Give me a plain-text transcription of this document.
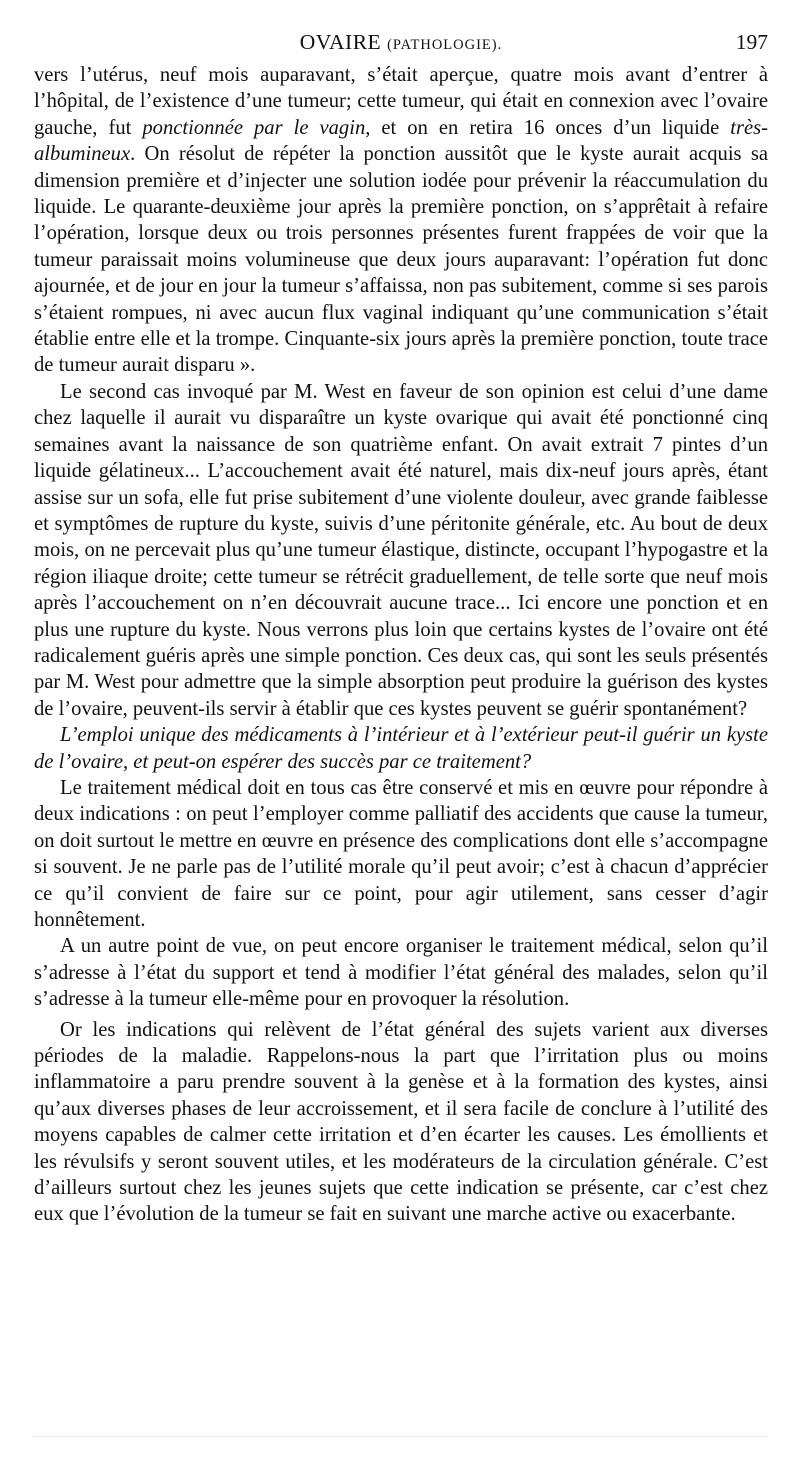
OVAIRE (PATHOLOGIE).	197

vers l’utérus, neuf mois auparavant, s’était aperçue, quatre mois avant d’entrer à l’hôpital, de l’existence d’une tumeur; cette tumeur, qui était en connexion avec l’ovaire gauche, fut ponctionnée par le vagin, et on en retira 16 onces d’un liquide très-albumineux. On résolut de répéter la ponction aussitôt que le kyste aurait acquis sa dimension première et d’injecter une solution iodée pour prévenir la réaccumulation du liquide. Le quarante-deuxième jour après la première ponction, on s’apprêtait à refaire l’opération, lorsque deux ou trois personnes présentes furent frappées de voir que la tumeur paraissait moins volumineuse que deux jours auparavant: l’opération fut donc ajournée, et de jour en jour la tumeur s’affaissa, non pas subitement, comme si ses parois s’étaient rompues, ni avec aucun flux vaginal indiquant qu’une communication s’était établie entre elle et la trompe. Cinquante-six jours après la première ponction, toute trace de tumeur aurait disparu ».

Le second cas invoqué par M. West en faveur de son opinion est celui d’une dame chez laquelle il aurait vu disparaître un kyste ovarique qui avait été ponctionné cinq semaines avant la naissance de son quatrième enfant. On avait extrait 7 pintes d’un liquide gélatineux... L’accouchement avait été naturel, mais dix-neuf jours après, étant assise sur un sofa, elle fut prise subitement d’une violente douleur, avec grande faiblesse et symptômes de rupture du kyste, suivis d’une péritonite générale, etc. Au bout de deux mois, on ne percevait plus qu’une tumeur élastique, distincte, occupant l’hypogastre et la région iliaque droite; cette tumeur se rétrécit graduellement, de telle sorte que neuf mois après l’accouchement on n’en découvrait aucune trace... Ici encore une ponction et en plus une rupture du kyste. Nous verrons plus loin que certains kystes de l’ovaire ont été radicalement guéris après une simple ponction. Ces deux cas, qui sont les seuls présentés par M. West pour admettre que la simple absorption peut produire la guérison des kystes de l’ovaire, peuvent-ils servir à établir que ces kystes peuvent se guérir spontanément?

L’emploi unique des médicaments à l’intérieur et à l’extérieur peut-il guérir un kyste de l’ovaire, et peut-on espérer des succès par ce traitement?

Le traitement médical doit en tous cas être conservé et mis en œuvre pour répondre à deux indications : on peut l’employer comme palliatif des accidents que cause la tumeur, on doit surtout le mettre en œuvre en présence des complications dont elle s’accompagne si souvent. Je ne parle pas de l’utilité morale qu’il peut avoir; c’est à chacun d’apprécier ce qu’il convient de faire sur ce point, pour agir utilement, sans cesser d’agir honnêtement.

A un autre point de vue, on peut encore organiser le traitement médical, selon qu’il s’adresse à l’état du support et tend à modifier l’état général des malades, selon qu’il s’adresse à la tumeur elle-même pour en provoquer la résolution.

Or les indications qui relèvent de l’état général des sujets varient aux diverses périodes de la maladie. Rappelons-nous la part que l’irritation plus ou moins inflammatoire a paru prendre souvent à la genèse et à la formation des kystes, ainsi qu’aux diverses phases de leur accroissement, et il sera facile de conclure à l’utilité des moyens capables de calmer cette irritation et d’en écarter les causes. Les émollients et les révulsifs y seront souvent utiles, et les modérateurs de la circulation générale. C’est d’ailleurs surtout chez les jeunes sujets que cette indication se présente, car c’est chez eux que l’évolution de la tumeur se fait en suivant une marche active ou exacerbante.
